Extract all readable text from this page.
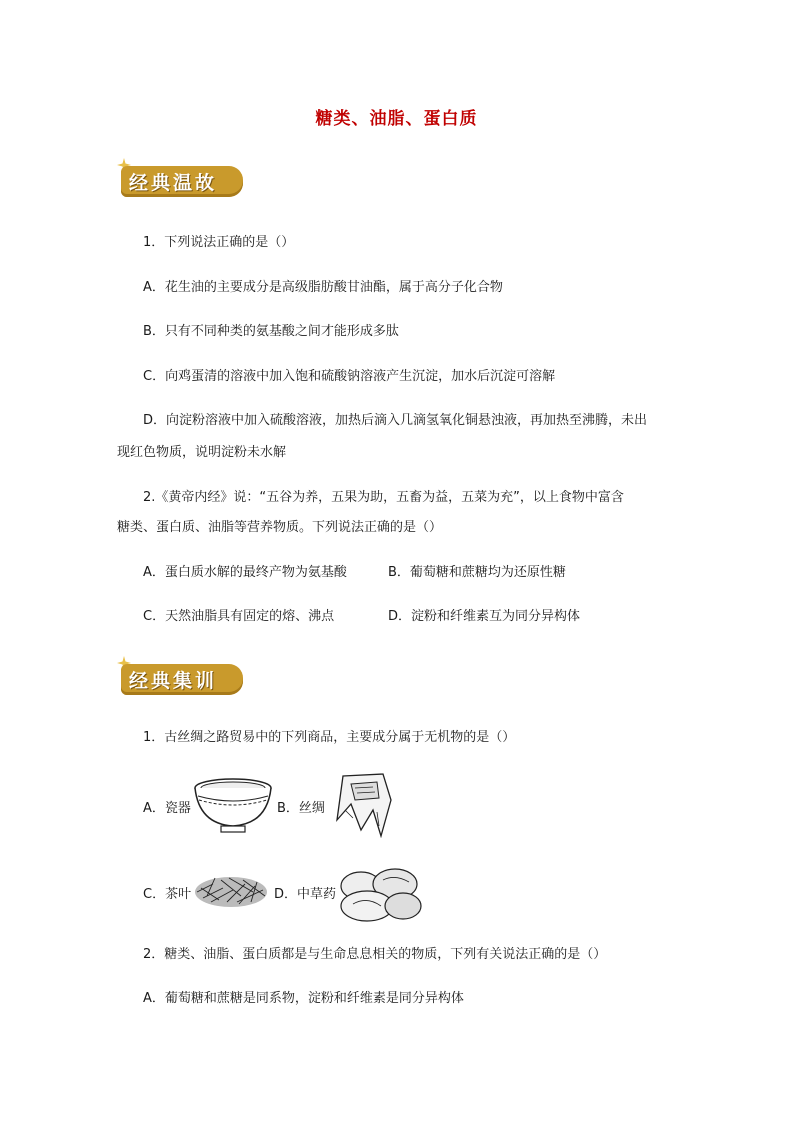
糖类、油脂、蛋白质
经典温故
1．下列说法正确的是（）
A．花生油的主要成分是高级脂肪酸甘油酯，属于高分子化合物
B．只有不同种类的氨基酸之间才能形成多肽
C．向鸡蛋清的溶液中加入饱和硫酸钠溶液产生沉淀，加水后沉淀可溶解
D．向淀粉溶液中加入硫酸溶液，加热后滴入几滴氢氧化铜悬浊液，再加热至沸腾，未出
现红色物质，说明淀粉未水解
2.《黄帝内经》说：“五谷为养，五果为助，五畜为益，五菜为充”，以上食物中富含
糖类、蛋白质、油脂等营养物质。下列说法正确的是（）
A．蛋白质水解的最终产物为氨基酸	B．葡萄糖和蔗糖均为还原性糖
C．天然油脂具有固定的熔、沸点	D．淀粉和纤维素互为同分异构体
经典集训
1．古丝绸之路贸易中的下列商品，主要成分属于无机物的是（）
A．瓷器	B．丝绸
C．茶叶	D．中草药
2．糖类、油脂、蛋白质都是与生命息息相关的物质，下列有关说法正确的是（）
A．葡萄糖和蔗糖是同系物，淀粉和纤维素是同分异构体
